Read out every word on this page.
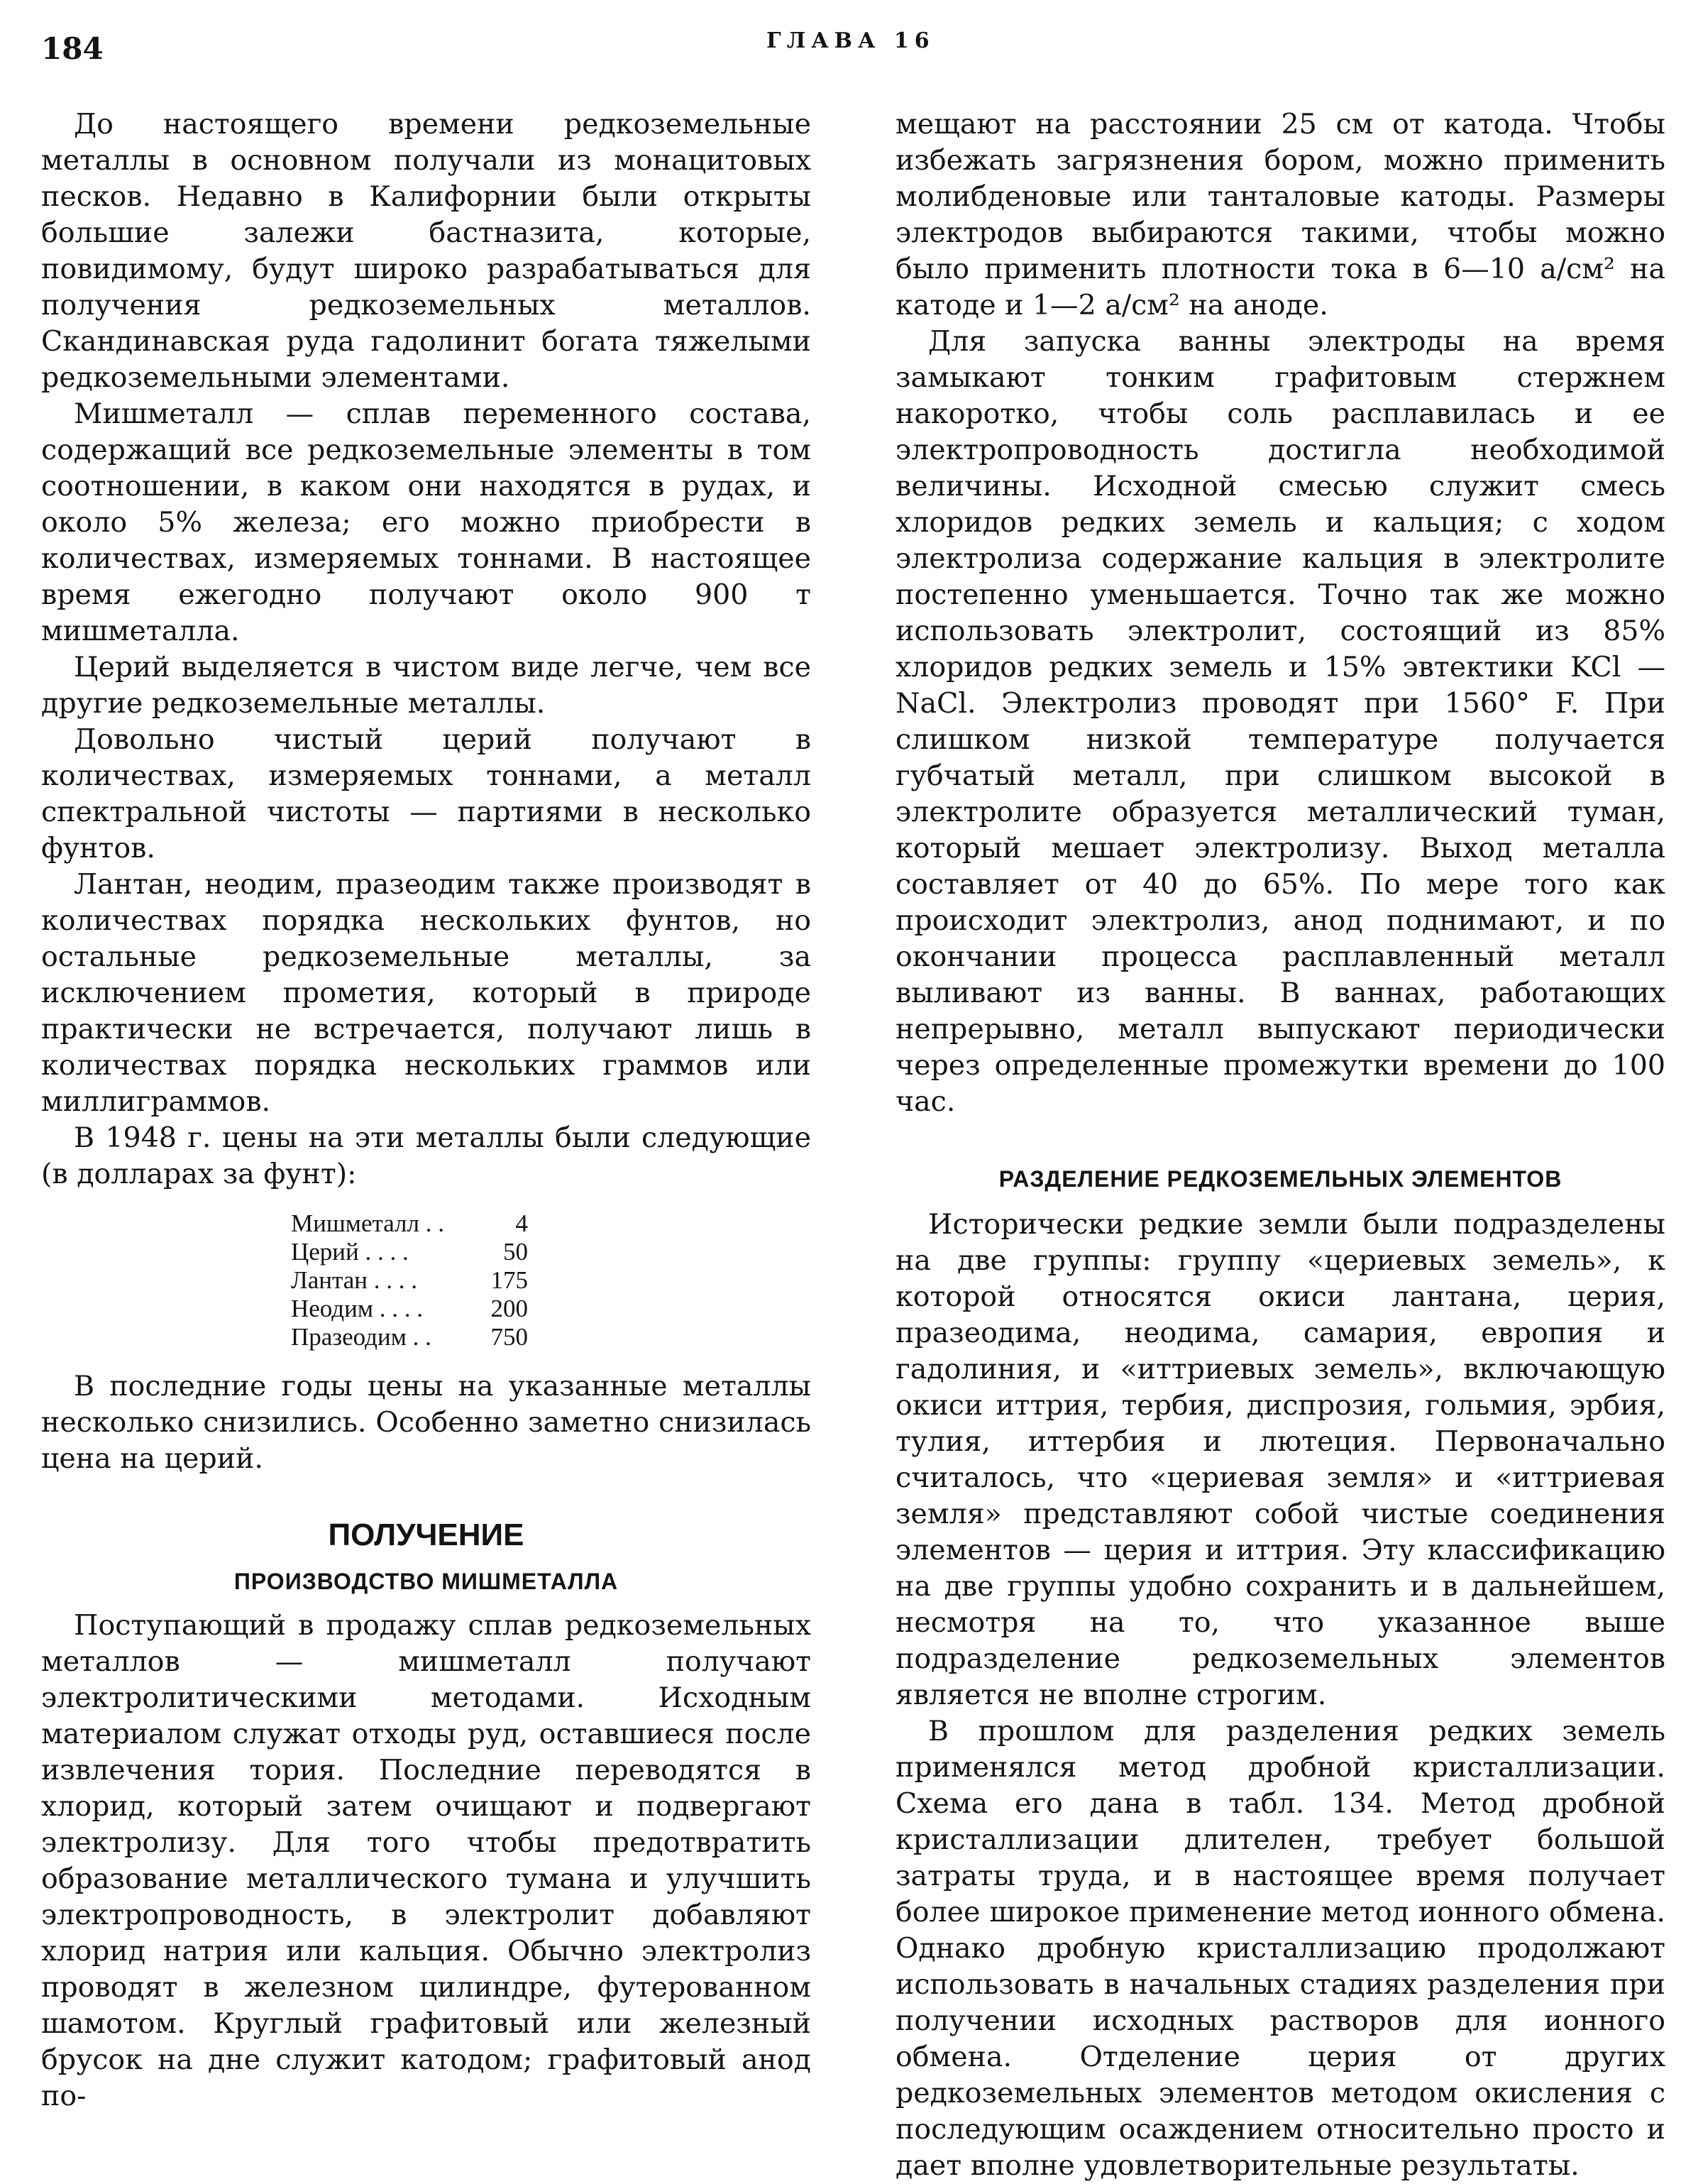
184	ГЛАВА 16

До настоящего времени редкоземельные металлы в основном получали из монацитовых песков. Недавно в Калифорнии были открыты большие залежи бастназита, которые, повидимому, будут широко разрабатываться для получения редкоземельных металлов. Скандинавская руда гадолинит богата тяжелыми редкоземельными элементами.

Мишметалл — сплав переменного состава, содержащий все редкоземельные элементы в том соотношении, в каком они находятся в рудах, и около 5% железа; его можно приобрести в количествах, измеряемых тоннами. В настоящее время ежегодно получают около 900 т мишметалла.

Церий выделяется в чистом виде легче, чем все другие редкоземельные металлы.

Довольно чистый церий получают в количествах, измеряемых тоннами, а металл спектральной чистоты — партиями в несколько фунтов.

Лантан, неодим, празеодим также производят в количествах порядка нескольких фунтов, но остальные редкоземельные металлы, за исключением прометия, который в природе практически не встречается, получают лишь в количествах порядка нескольких граммов или миллиграммов.

В 1948 г. цены на эти металлы были следующие (в долларах за фунт):

Мишметалл . .	4
Церий . . . .	50
Лантан . . . .	175
Неодим . . . .	200
Празеодим . .	750

В последние годы цены на указанные металлы несколько снизились. Особенно заметно снизилась цена на церий.

ПОЛУЧЕНИЕ
ПРОИЗВОДСТВО МИШМЕТАЛЛА

Поступающий в продажу сплав редкоземельных металлов — мишметалл получают электролитическими методами. Исходным материалом служат отходы руд, оставшиеся после извлечения тория. Последние переводятся в хлорид, который затем очищают и подвергают электролизу. Для того чтобы предотвратить образование металлического тумана и улучшить электропроводность, в электролит добавляют хлорид натрия или кальция. Обычно электролиз проводят в железном цилиндре, футерованном шамотом. Круглый графитовый или железный брусок на дне служит катодом; графитовый анод по-

мещают на расстоянии 25 см от катода. Чтобы избежать загрязнения бором, можно применить молибденовые или танталовые катоды. Размеры электродов выбираются такими, чтобы можно было применить плотности тока в 6—10 а/см² на катоде и 1—2 а/см² на аноде.

Для запуска ванны электроды на время замыкают тонким графитовым стержнем накоротко, чтобы соль расплавилась и ее электропроводность достигла необходимой величины. Исходной смесью служит смесь хлоридов редких земель и кальция; с ходом электролиза содержание кальция в электролите постепенно уменьшается. Точно так же можно использовать электролит, состоящий из 85% хлоридов редких земель и 15% эвтектики KCl — NaCl. Электролиз проводят при 1560° F. При слишком низкой температуре получается губчатый металл, при слишком высокой в электролите образуется металлический туман, который мешает электролизу. Выход металла составляет от 40 до 65%. По мере того как происходит электролиз, анод поднимают, и по окончании процесса расплавленный металл выливают из ванны. В ваннах, работающих непрерывно, металл выпускают периодически через определенные промежутки времени до 100 час.

РАЗДЕЛЕНИЕ РЕДКОЗЕМЕЛЬНЫХ ЭЛЕМЕНТОВ

Исторически редкие земли были подразделены на две группы: группу «цериевых земель», к которой относятся окиси лантана, церия, празеодима, неодима, самария, европия и гадолиния, и «иттриевых земель», включающую окиси иттрия, тербия, диспрозия, гольмия, эрбия, тулия, иттербия и лютеция. Первоначально считалось, что «цериевая земля» и «иттриевая земля» представляют собой чистые соединения элементов — церия и иттрия. Эту классификацию на две группы удобно сохранить и в дальнейшем, несмотря на то, что указанное выше подразделение редкоземельных элементов является не вполне строгим.

В прошлом для разделения редких земель применялся метод дробной кристаллизации. Схема его дана в табл. 134. Метод дробной кристаллизации длителен, требует большой затраты труда, и в настоящее время получает более широкое применение метод ионного обмена. Однако дробную кристаллизацию продолжают использовать в начальных стадиях разделения при получении исходных растворов для ионного обмена. Отделение церия от других редкоземельных элементов методом окисления с последующим осаждением относительно просто и дает вполне удовлетворительные результаты.
